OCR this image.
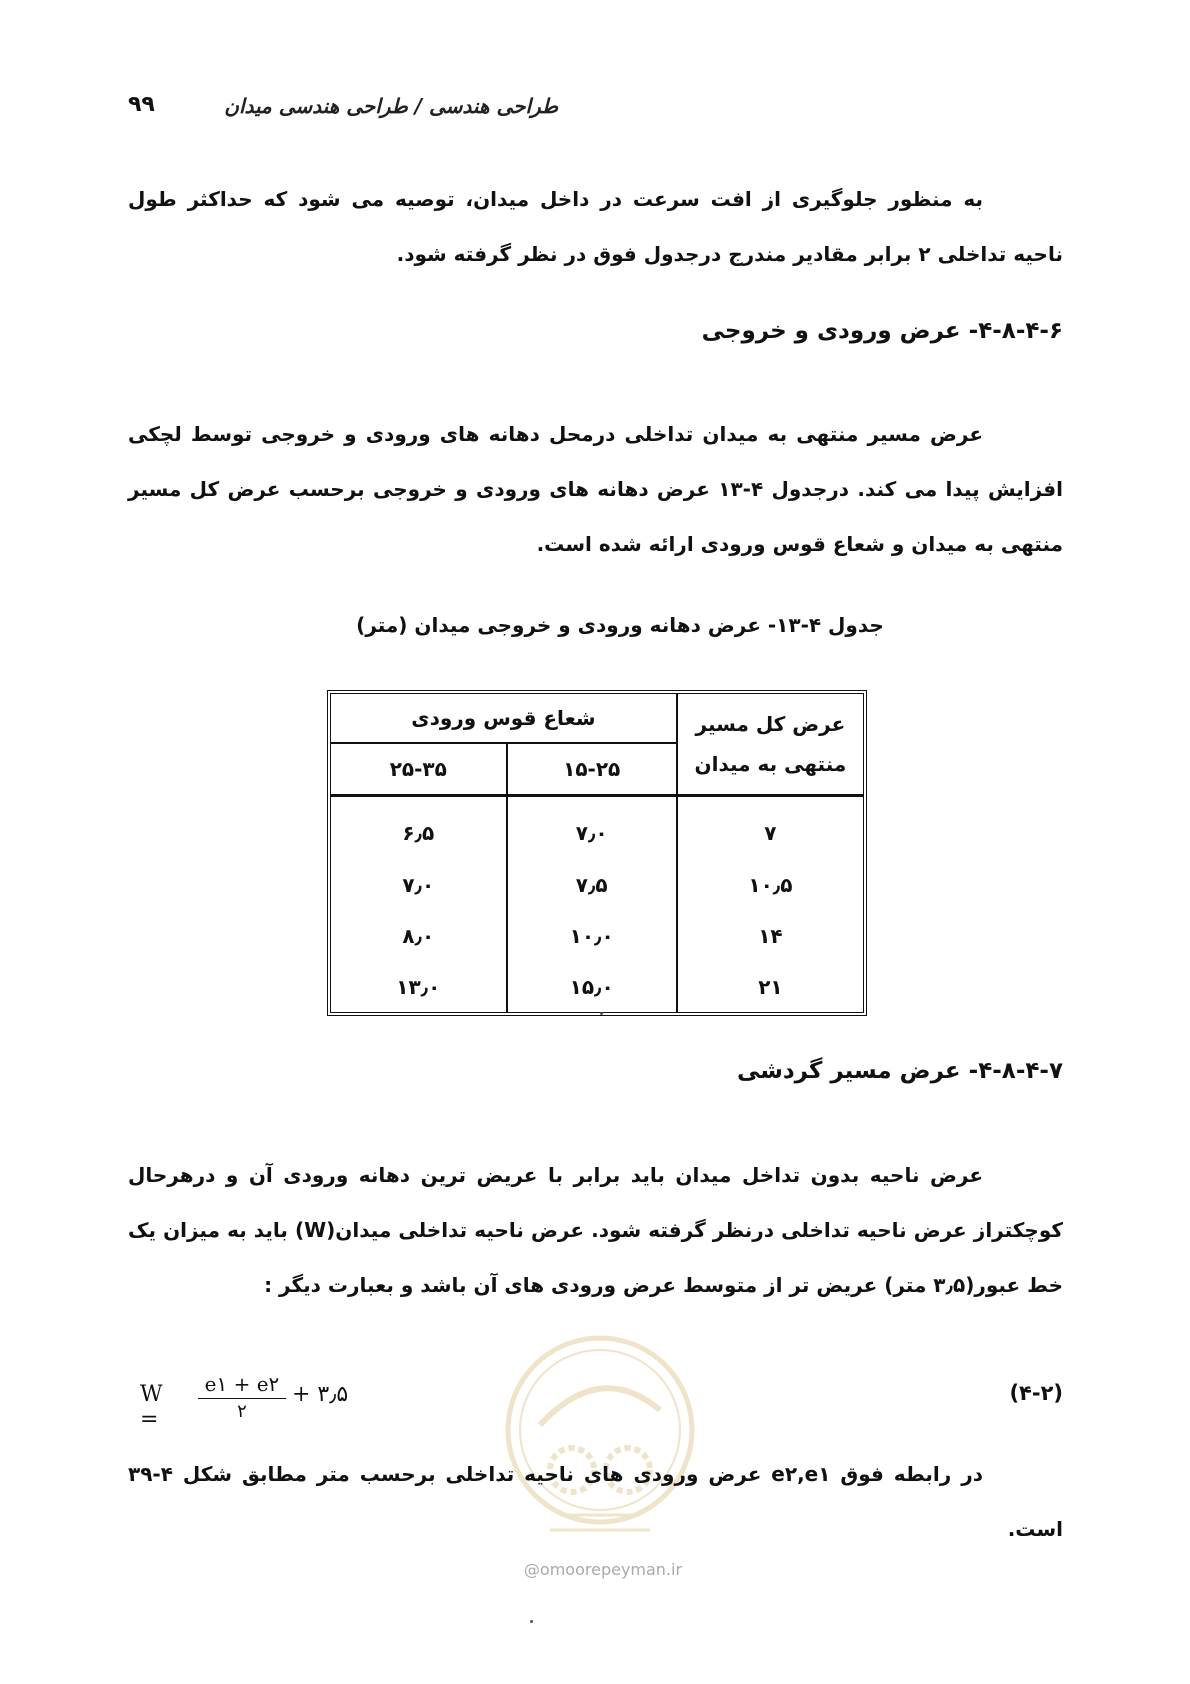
طراحی هندسی / طراحی هندسی میدان
۹۹

به منظور جلوگیری از افت سرعت در داخل میدان، توصیه می شود که حداکثر طول ناحیه تداخلی ۲ برابر مقادیر مندرج درجدول فوق در نظر گرفته شود.

۴-۸-۴-۶- عرض ورودی و خروجی

عرض مسیر منتهی به میدان تداخلی درمحل دهانه های ورودی و خروجی توسط لچکی افزایش پیدا می کند. درجدول ۴-۱۳ عرض دهانه های ورودی و خروجی برحسب عرض کل مسیر منتهی به میدان و شعاع قوس ورودی ارائه شده است.

جدول ۴-۱۳- عرض دهانه ورودی و خروجی میدان (متر)
عرض کل مسیر منتهی به میدان	شعاع قوس ورودی	
	۱۵-۲۵	۲۵-۳۵
۷	۷٫۰	۶٫۵
۱۰٫۵	۷٫۵	۷٫۰
۱۴	۱۰٫۰	۸٫۰
۲۱	۱۵٫۰	۱۳٫۰
۴-۸-۴-۷- عرض مسیر گردشی

عرض ناحیه بدون تداخل میدان باید برابر با عریض ترین دهانه ورودی آن و درهرحال کوچکتراز عرض ناحیه تداخلی درنظر گرفته شود. عرض ناحیه تداخلی میدان(W) باید به میزان یک خط عبور(۳٫۵ متر) عریض تر از متوسط عرض ورودی های آن باشد و بعبارت دیگر :

W =
e۱ + e۲
۲
+ ۳٫۵	(۴-۲)

در رابطه فوق e۲,e۱ عرض ورودی های ناحیه تداخلی برحسب متر مطابق شکل ۴-۳۹ است.

@omoorepeyman.ir
